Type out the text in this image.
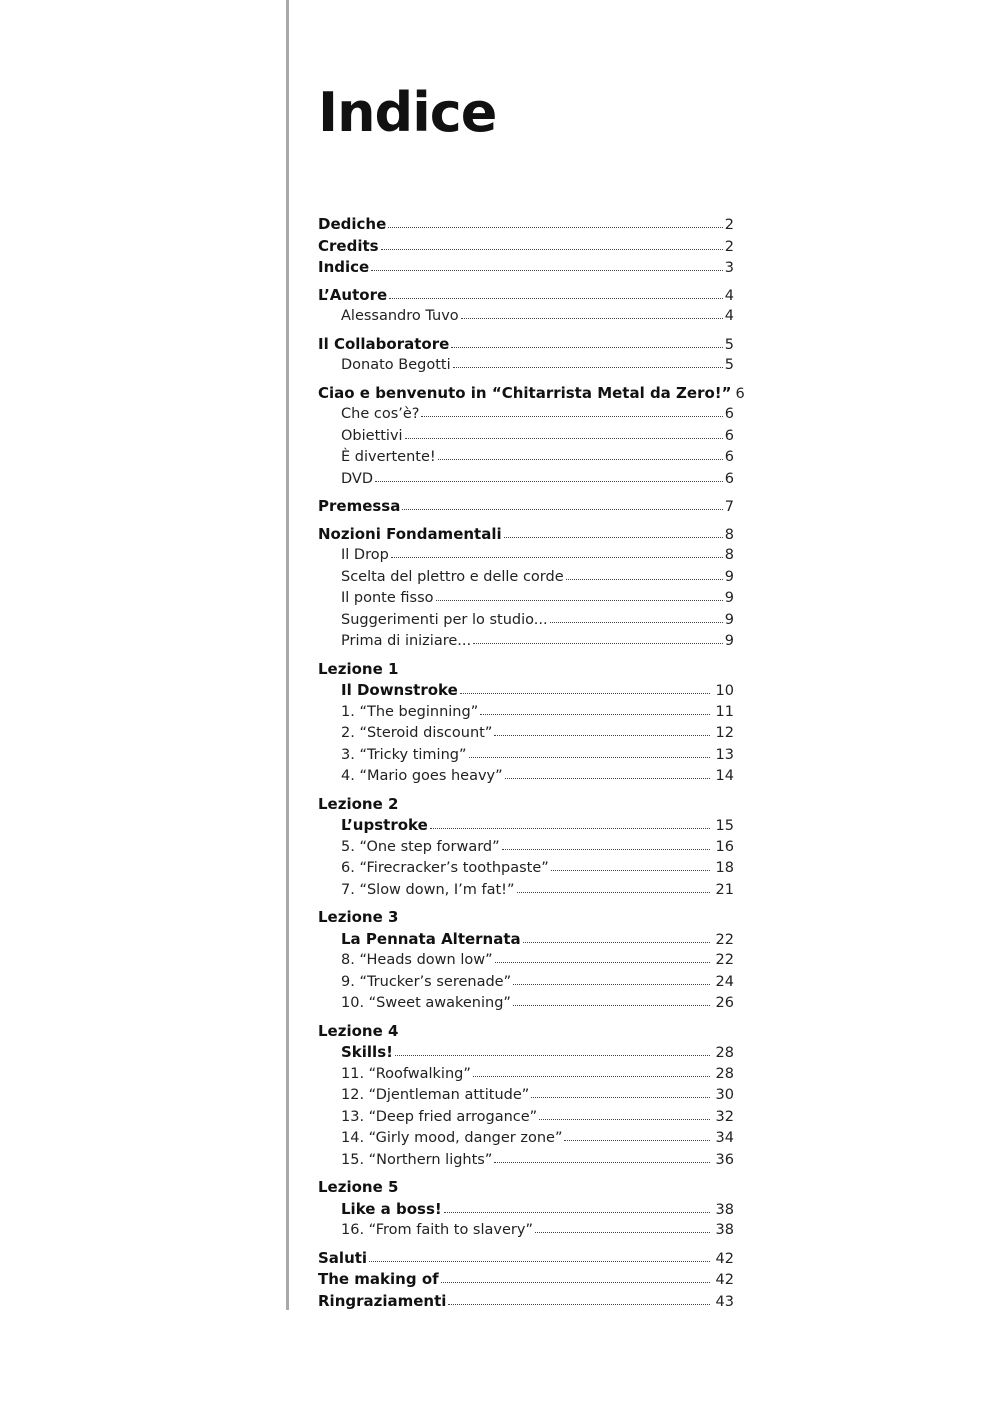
Indice
Dediche	2
Credits	2
Indice	3
L’Autore	4
Alessandro Tuvo	4
Il Collaboratore	5
Donato Begotti	5
Ciao e benvenuto in “Chitarrista Metal da Zero!” 6
Che cos’è?	6
Obiettivi	6
È divertente!	6
DVD	6
Premessa	7
Nozioni Fondamentali	8
Il Drop	8
Scelta del plettro e delle corde	9
Il ponte fisso	9
Suggerimenti per lo studio...	9
Prima di iniziare...	9
Lezione 1
Il Downstroke	10
1. “The beginning”	11
2. “Steroid discount”	12
3. “Tricky timing”	13
4. “Mario goes heavy”	14
Lezione 2
L’upstroke	15
5. “One step forward”	16
6. “Firecracker’s toothpaste”	18
7. “Slow down, I’m fat!”	21
Lezione 3
La Pennata Alternata	22
8. “Heads down low”	22
9. “Trucker’s serenade”	24
10. “Sweet awakening”	26
Lezione 4
Skills!	28
11. “Roofwalking”	28
12. “Djentleman attitude”	30
13. “Deep fried arrogance”	32
14. “Girly mood, danger zone”	34
15. “Northern lights”	36
Lezione 5
Like a boss!	38
16. “From faith to slavery”	38
Saluti	42
The making of	42
Ringraziamenti	43
